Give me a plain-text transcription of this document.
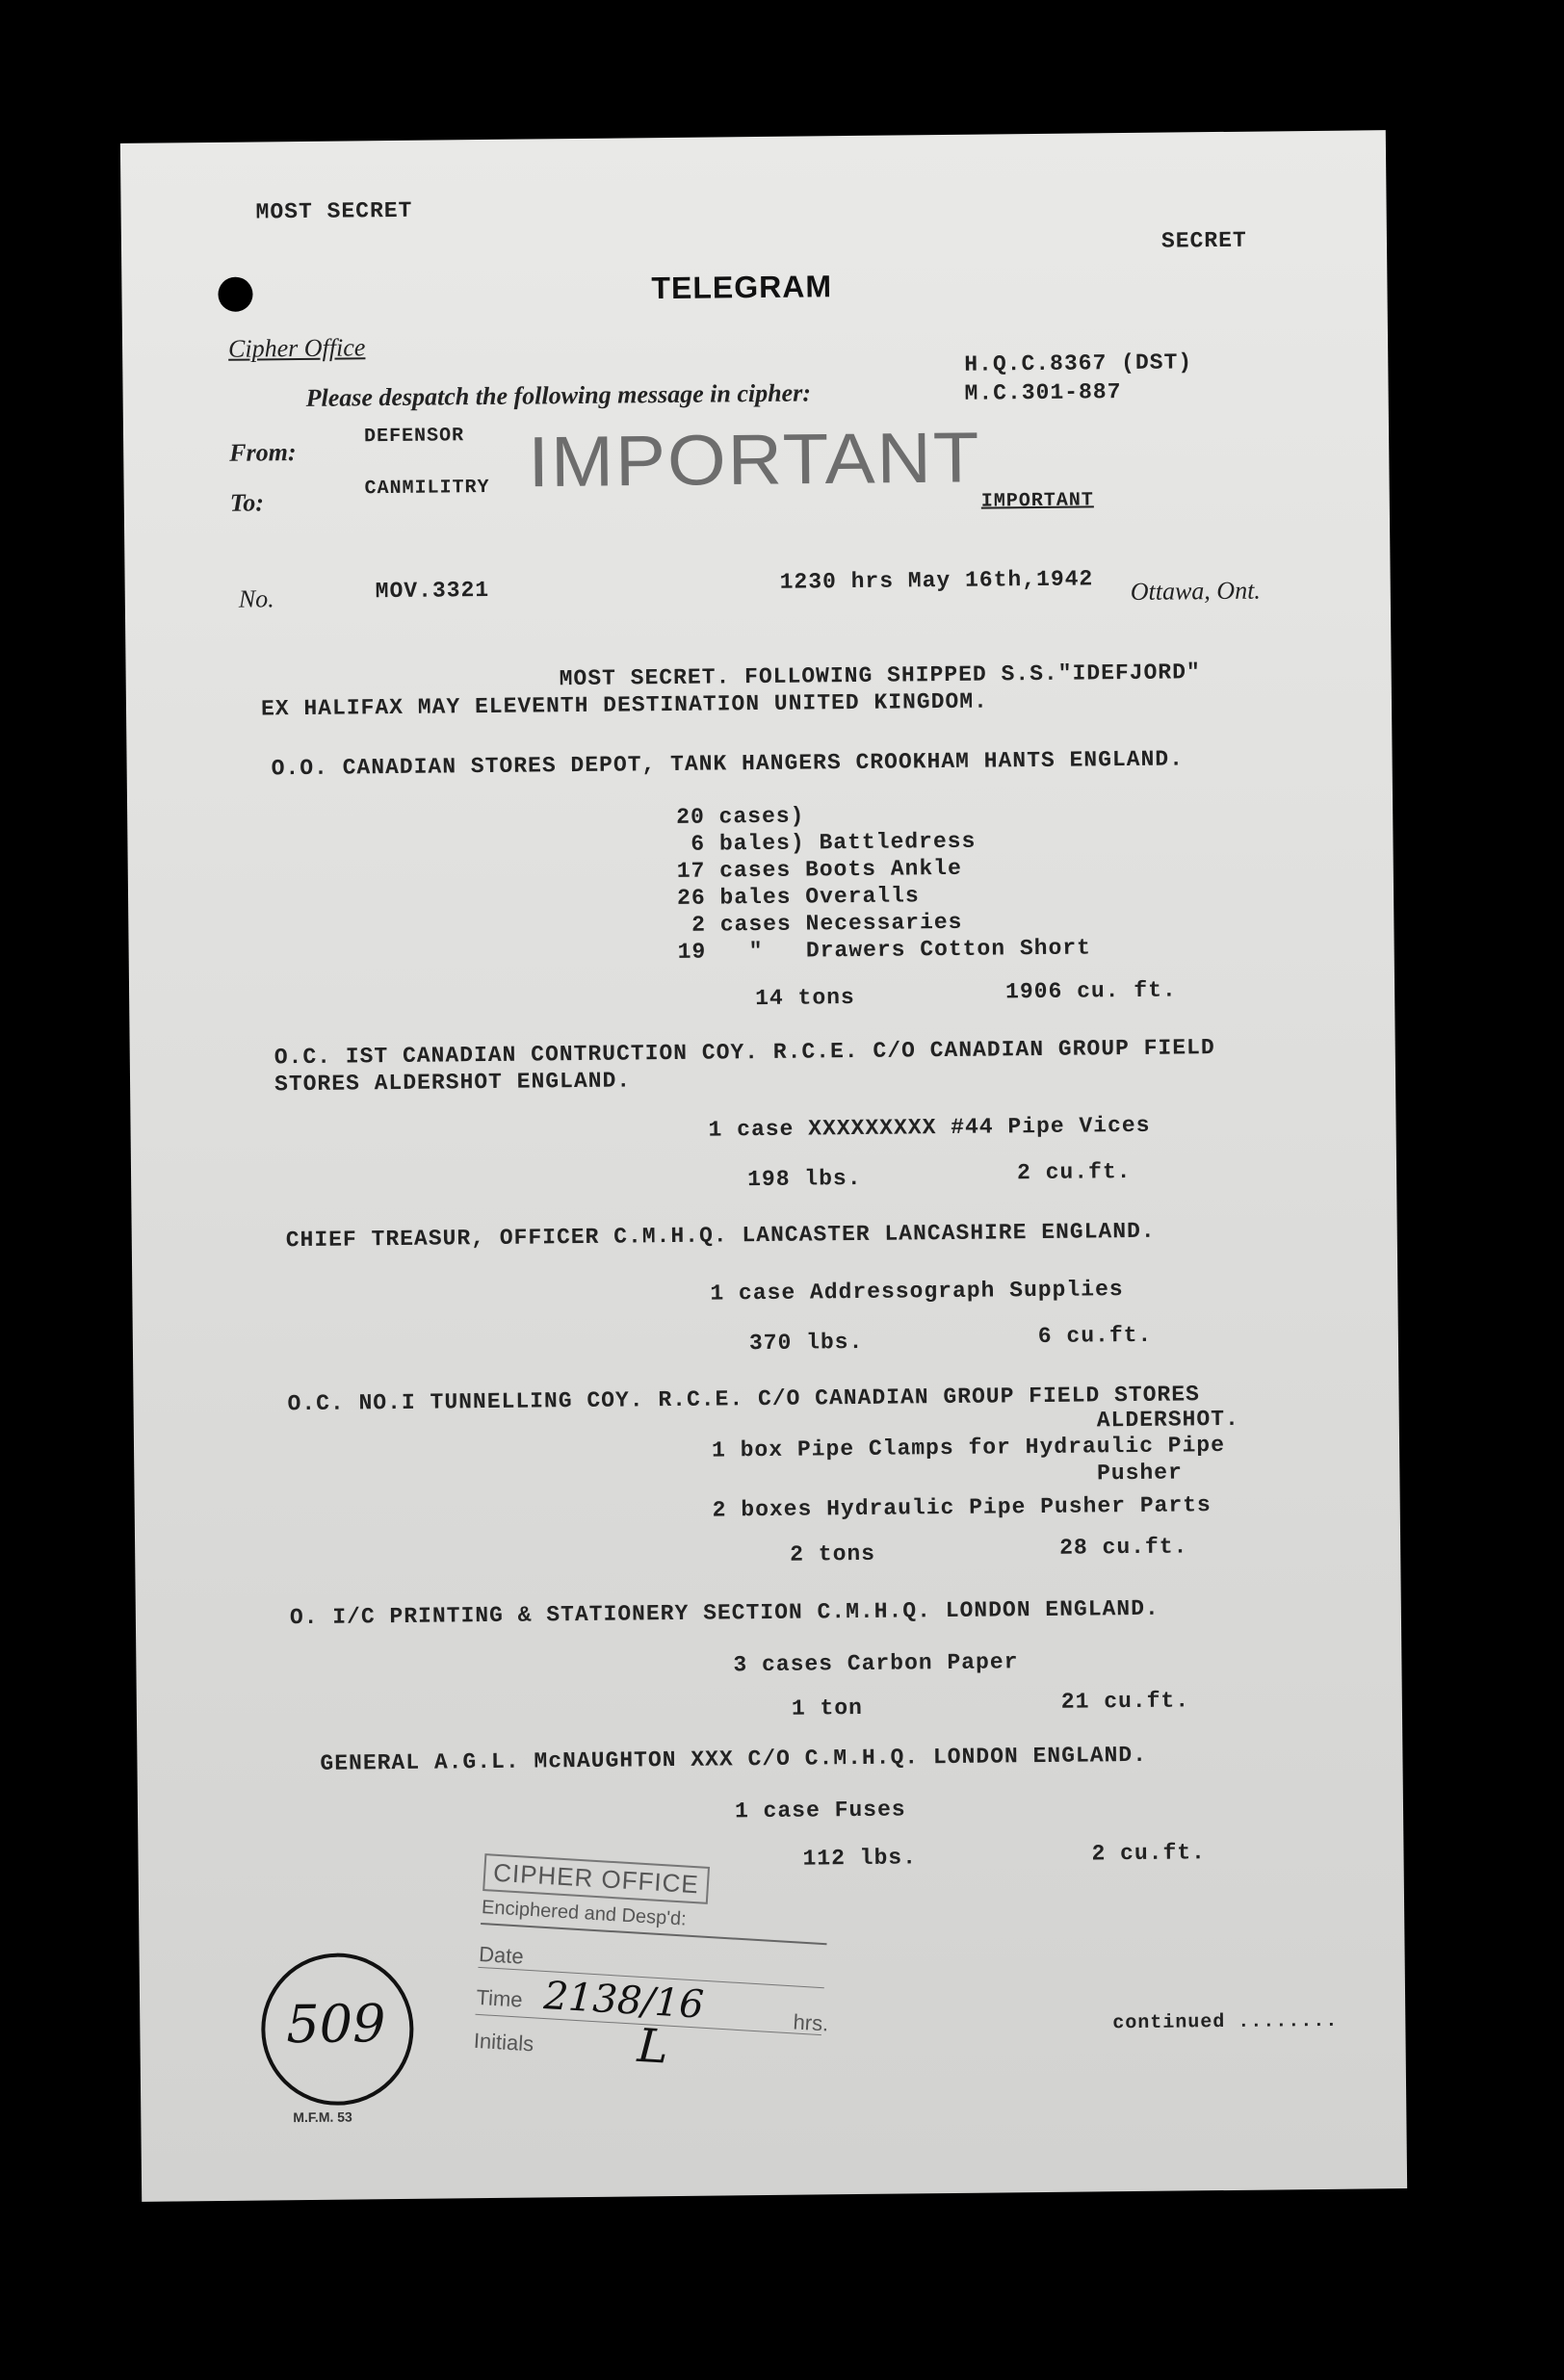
MOST SECRET
SECRET
TELEGRAM
Cipher Office
Please despatch the following message in cipher:
H.Q.C.8367 (DST)
M.C.301-887
From:
DEFENSOR
To:
CANMILITRY IMPORTANT IMPORTANT
No.	MOV.3321	1230 hrs May 16th,1942 Ottawa, Ont.
MOST SECRET. FOLLOWING SHIPPED S.S."IDEFJORD"
EX HALIFAX MAY ELEVENTH DESTINATION UNITED KINGDOM.
O.O. CANADIAN STORES DEPOT, TANK HANGERS CROOKHAM HANTS ENGLAND.
20 cases)
6 bales) Battledress
17 cases Boots Ankle
26 bales Overalls
2 cases Necessaries
19   "   Drawers Cotton Short
14 tons	1906 cu. ft.
O.C. IST CANADIAN CONTRUCTION COY. R.C.E. C/O CANADIAN GROUP FIELD
STORES ALDERSHOT ENGLAND.
1 case XXXXXXXXX #44 Pipe Vices
198 lbs.	2 cu.ft.
CHIEF TREASUR, OFFICER C.M.H.Q. LANCASTER LANCASHIRE ENGLAND.
1 case Addressograph Supplies
370 lbs.	6 cu.ft.
O.C. NO.I TUNNELLING COY. R.C.E. C/O CANADIAN GROUP FIELD STORES
ALDERSHOT.
1 box Pipe Clamps for Hydraulic Pipe
Pusher
2 boxes Hydraulic Pipe Pusher Parts
2 tons	28 cu.ft.
O. I/C PRINTING & STATIONERY SECTION C.M.H.Q. LONDON ENGLAND.
3 cases Carbon Paper
1 ton	21 cu.ft.
GENERAL A.G.L. McNAUGHTON XXX C/O C.M.H.Q. LONDON ENGLAND.
1 case Fuses
112 lbs.	2 cu.ft.
CIPHER OFFICE
Enciphered and Desp'd:
Date
Time 2138/16	hrs.
Initials L
509
M.F.M. 53
continued ........
